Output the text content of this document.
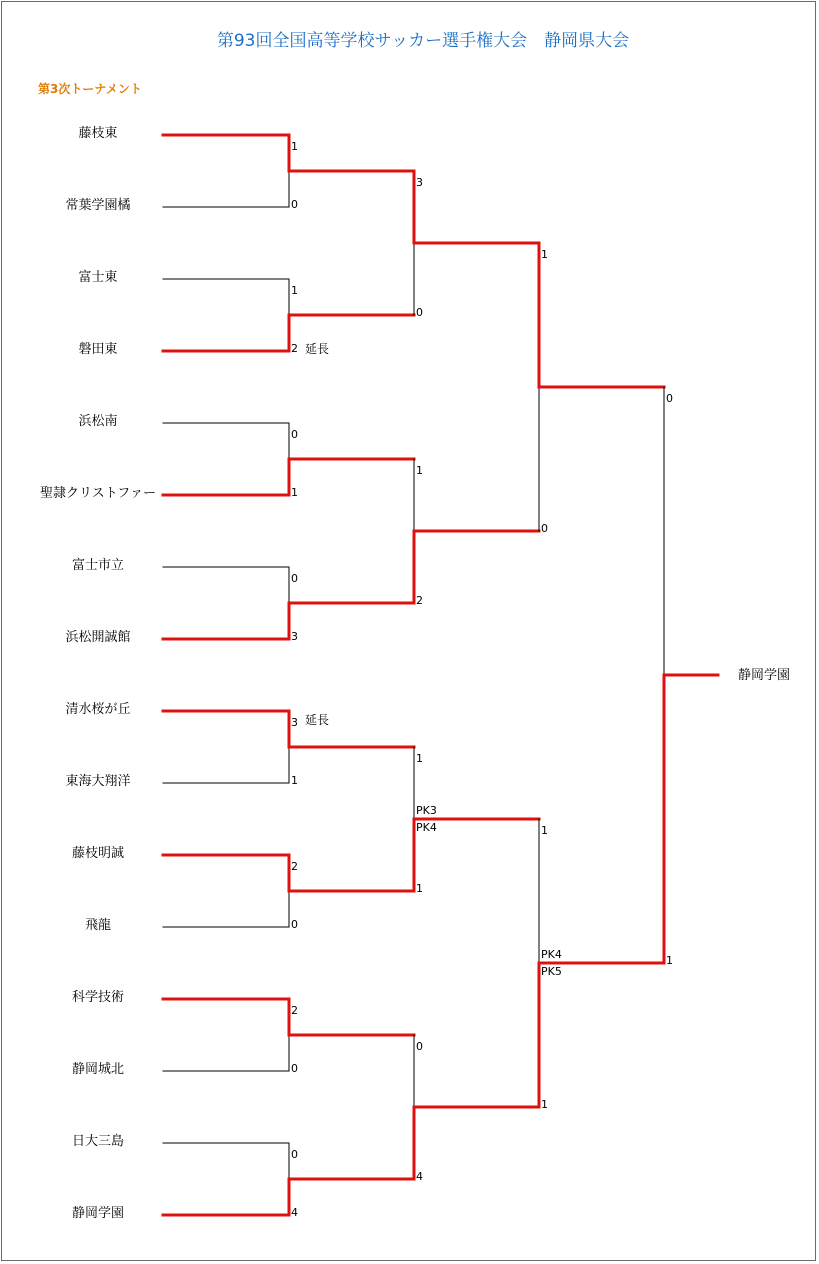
第93回全国高等学校サッカー選手権大会　静岡県大会
第3次トーナメント
藤枝東
常葉学園橘
富士東
磐田東
浜松南
聖隷クリストファー
富士市立
浜松開誠館
清水桜が丘
東海大翔洋
藤枝明誠
飛龍
科学技術
静岡城北
日大三島
静岡学園
1
0
1
2 延長
0
1
0
3
3
1
延長
2
0
2
0
0
4
3
0
1
2
1
1
PK3
PK4
0
4
1
0
1
1
PK4
PK5
0
1
静岡学園
